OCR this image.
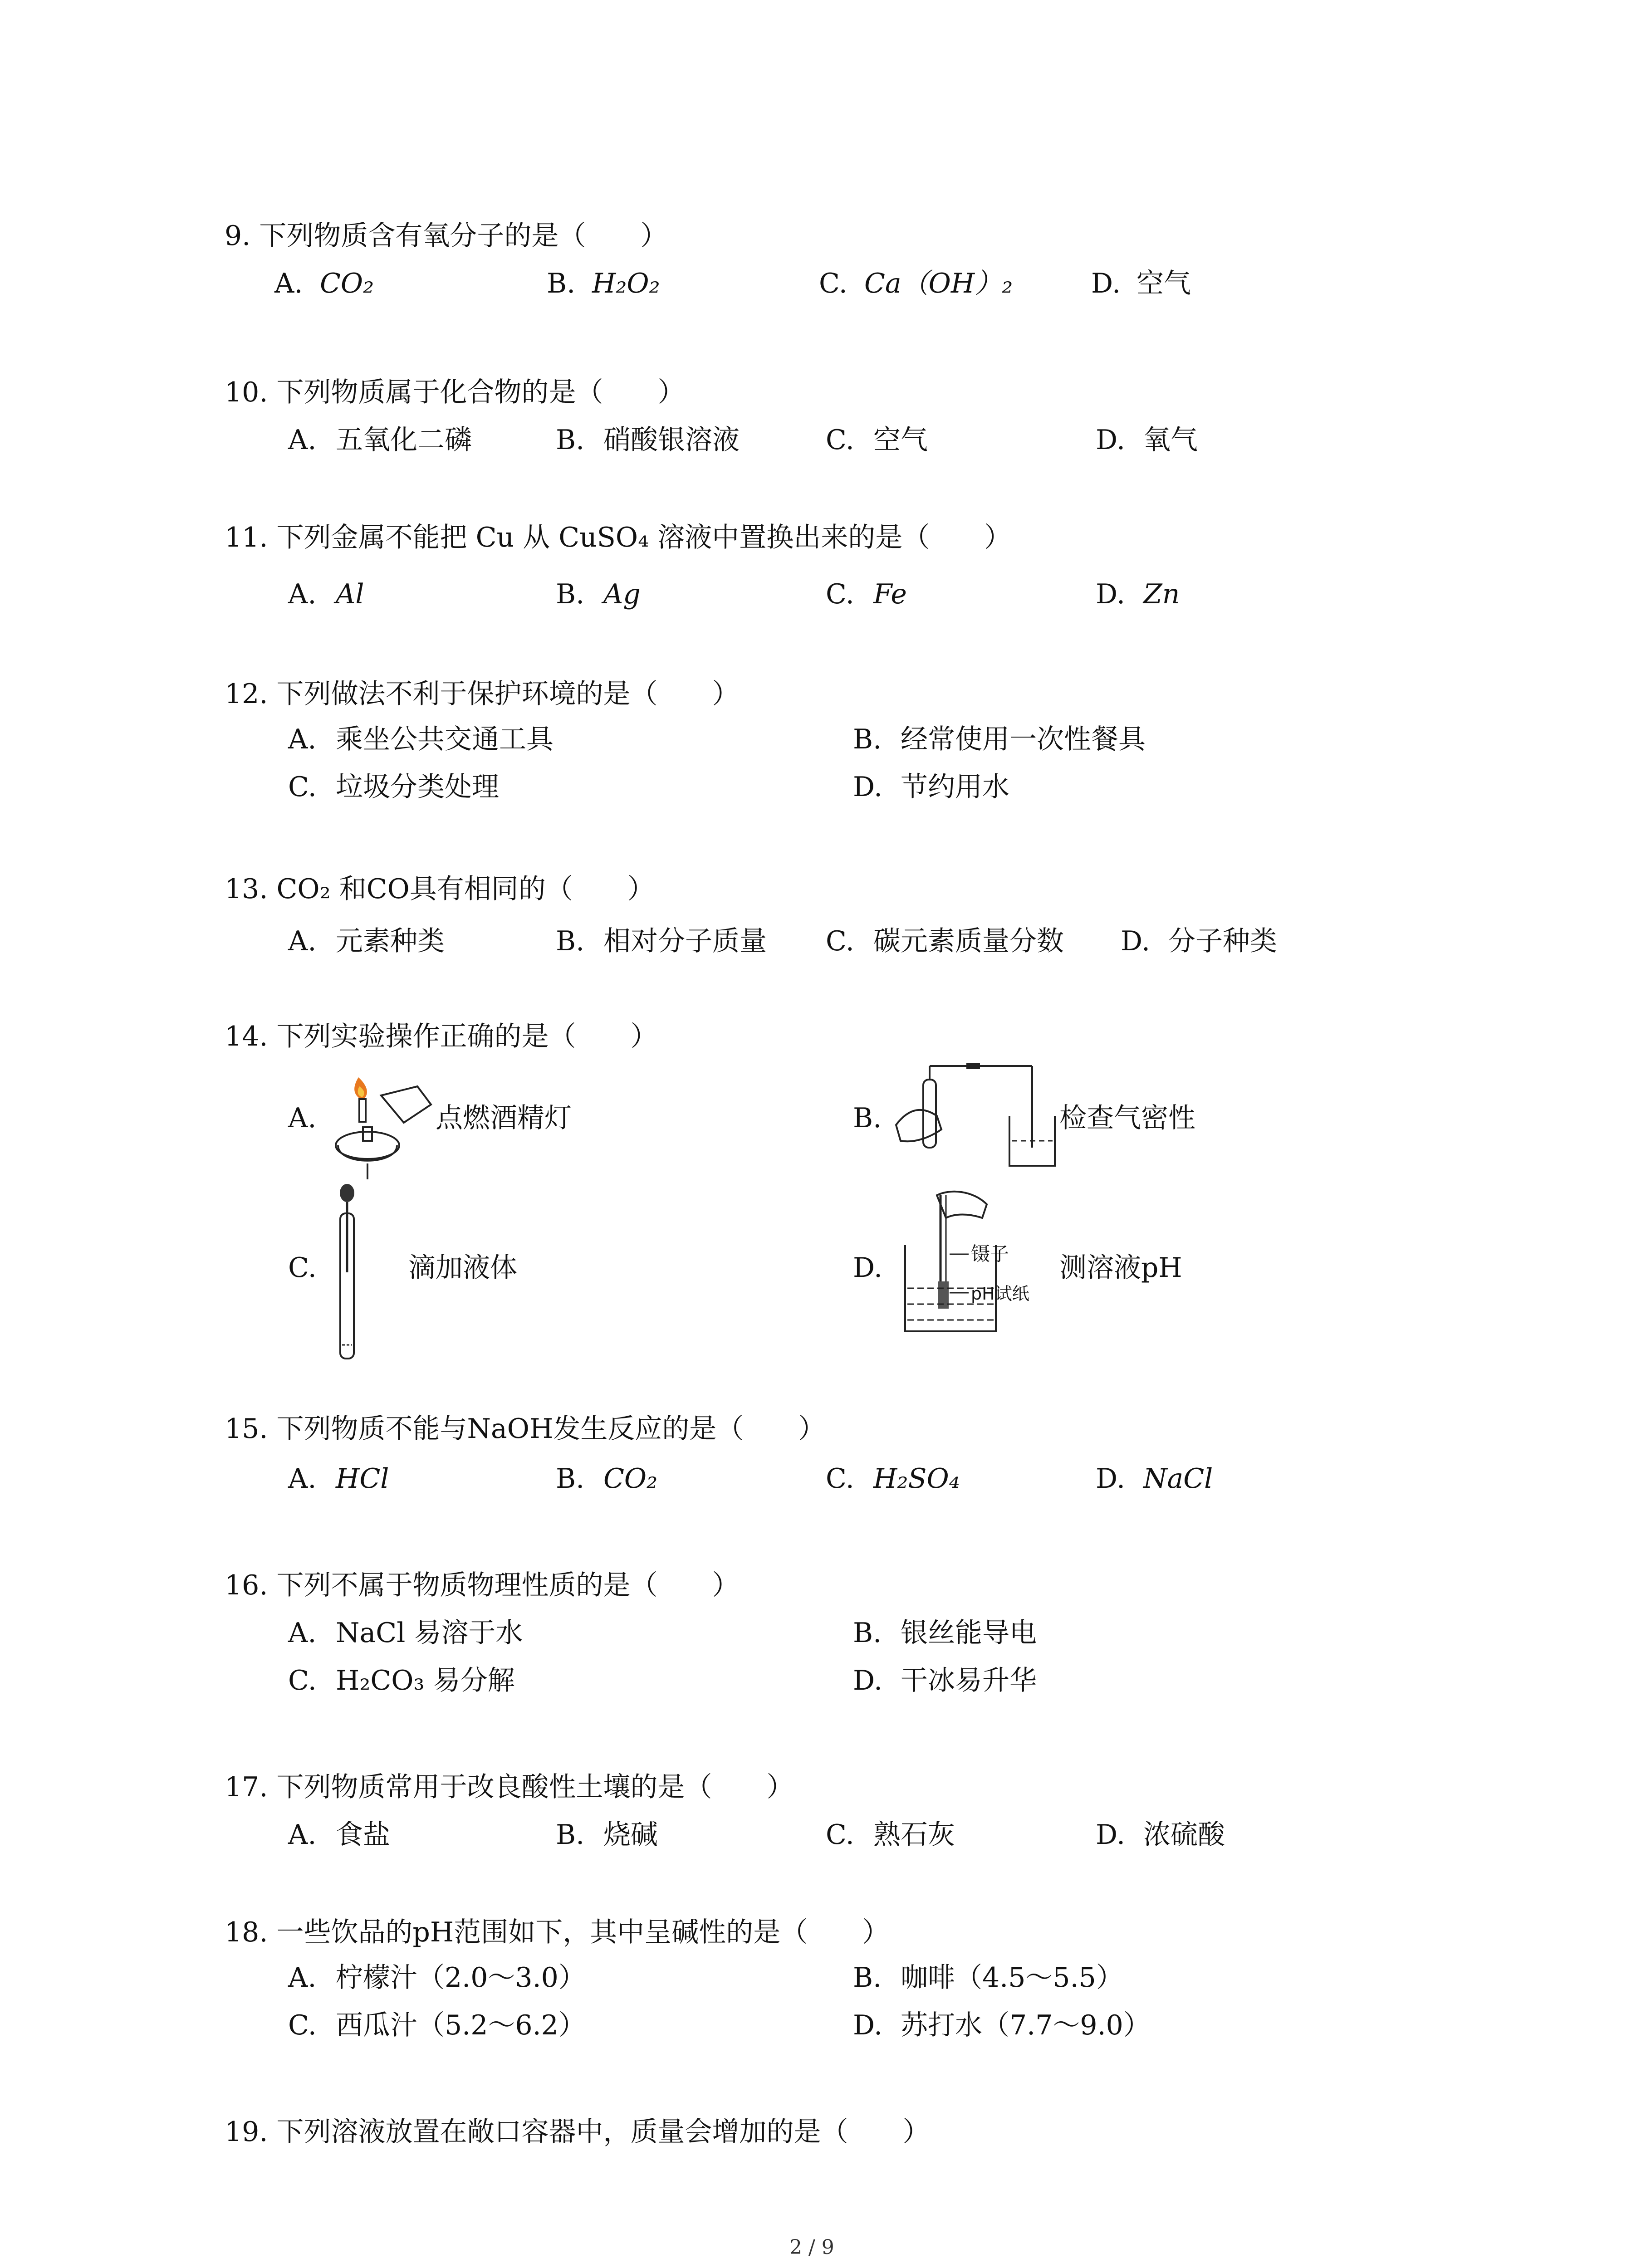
9. 下列物质含有氧分子的是（　　）
A. CO₂	B. H₂O₂	C. Ca（OH）₂	D. 空气
10. 下列物质属于化合物的是（　　）
A. 五氧化二磷	B. 硝酸银溶液	C. 空气	D. 氧气
11. 下列金属不能把 Cu 从 CuSO₄ 溶液中置换出来的是（　　）
A. Al	B. Ag	C. Fe	D. Zn
12. 下列做法不利于保护环境的是（　　）
A. 乘坐公共交通工具	B. 经常使用一次性餐具
C. 垃圾分类处理	D. 节约用水
13. CO₂ 和CO具有相同的（　　）
A. 元素种类	B. 相对分子质量 C. 碳元素质量分数 D. 分子种类
14. 下列实验操作正确的是（　　）
A.	点燃酒精灯	B.	检查气密性
C.	滴加液体	D.	镊子
pH试纸
测溶液pH
15. 下列物质不能与NaOH发生反应的是（　　）
A. HCl	B. CO₂	C. H₂SO₄	D. NaCl
16. 下列不属于物质物理性质的是（　　）
A. NaCl 易溶于水	B. 银丝能导电
C. H₂CO₃ 易分解	D. 干冰易升华
17. 下列物质常用于改良酸性土壤的是（　　）
A. 食盐	B. 烧碱	C. 熟石灰	D. 浓硫酸
18. 一些饮品的pH范围如下，其中呈碱性的是（　　）
A. 柠檬汁（2.0～3.0）	B. 咖啡（4.5～5.5）
C. 西瓜汁（5.2～6.2）	D. 苏打水（7.7～9.0）
19. 下列溶液放置在敞口容器中，质量会增加的是（　　）
2 / 9
